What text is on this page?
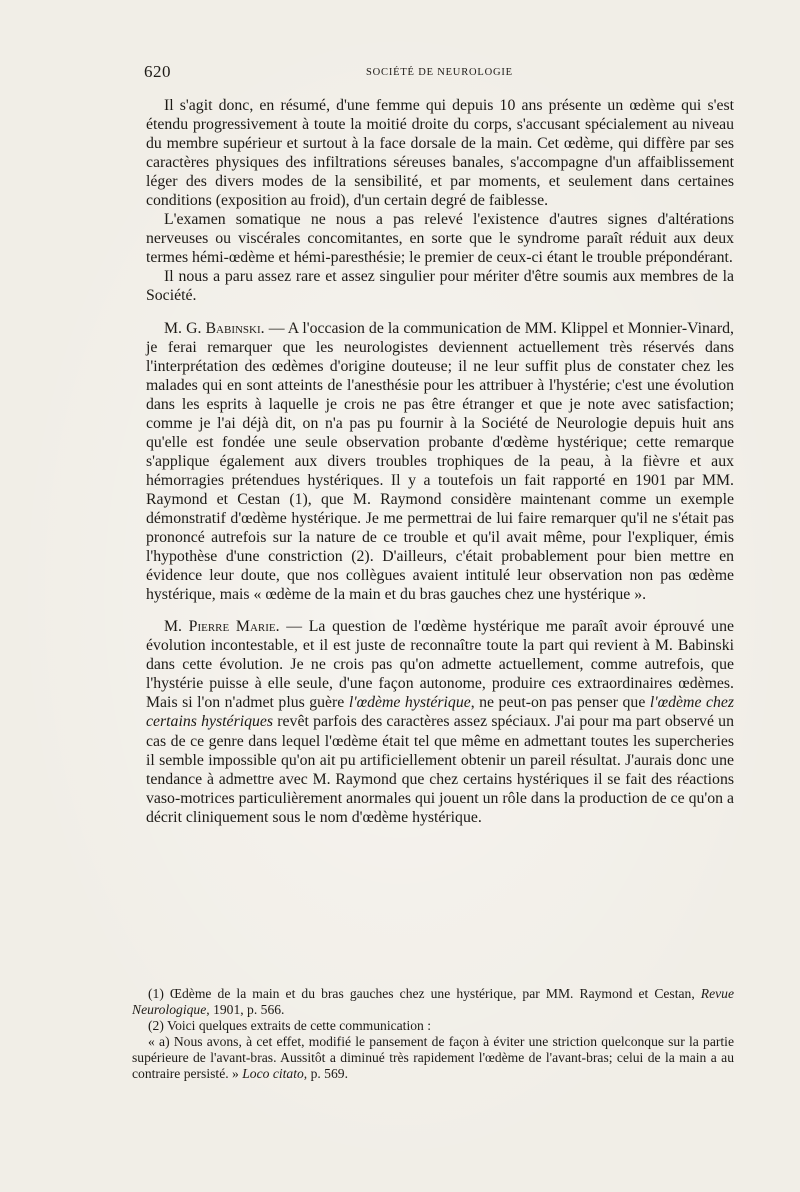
620	SOCIÉTÉ DE NEUROLOGIE

Il s'agit donc, en résumé, d'une femme qui depuis 10 ans présente un œdème qui s'est étendu progressivement à toute la moitié droite du corps, s'accusant spécialement au niveau du membre supérieur et surtout à la face dorsale de la main. Cet œdème, qui diffère par ses caractères physiques des infiltrations séreuses banales, s'accompagne d'un affaiblissement léger des divers modes de la sensibilité, et par moments, et seulement dans certaines conditions (exposition au froid), d'un certain degré de faiblesse.

L'examen somatique ne nous a pas relevé l'existence d'autres signes d'altérations nerveuses ou viscérales concomitantes, en sorte que le syndrome paraît réduit aux deux termes hémi-œdème et hémi-paresthésie; le premier de ceux-ci étant le trouble prépondérant.

Il nous a paru assez rare et assez singulier pour mériter d'être soumis aux membres de la Société.

M. G. Babinski. — A l'occasion de la communication de MM. Klippel et Monnier-Vinard, je ferai remarquer que les neurologistes deviennent actuellement très réservés dans l'interprétation des œdèmes d'origine douteuse; il ne leur suffit plus de constater chez les malades qui en sont atteints de l'anesthésie pour les attribuer à l'hystérie; c'est une évolution dans les esprits à laquelle je crois ne pas être étranger et que je note avec satisfaction; comme je l'ai déjà dit, on n'a pas pu fournir à la Société de Neurologie depuis huit ans qu'elle est fondée une seule observation probante d'œdème hystérique; cette remarque s'applique également aux divers troubles trophiques de la peau, à la fièvre et aux hémorragies prétendues hystériques. Il y a toutefois un fait rapporté en 1901 par MM. Raymond et Cestan (1), que M. Raymond considère maintenant comme un exemple démonstratif d'œdème hystérique. Je me permettrai de lui faire remarquer qu'il ne s'était pas prononcé autrefois sur la nature de ce trouble et qu'il avait même, pour l'expliquer, émis l'hypothèse d'une constriction (2). D'ailleurs, c'était probablement pour bien mettre en évidence leur doute, que nos collègues avaient intitulé leur observation non pas œdème hystérique, mais « œdème de la main et du bras gauches chez une hystérique ».

M. Pierre Marie. — La question de l'œdème hystérique me paraît avoir éprouvé une évolution incontestable, et il est juste de reconnaître toute la part qui revient à M. Babinski dans cette évolution. Je ne crois pas qu'on admette actuellement, comme autrefois, que l'hystérie puisse à elle seule, d'une façon autonome, produire ces extraordinaires œdèmes. Mais si l'on n'admet plus guère l'œdème hystérique, ne peut-on pas penser que l'œdème chez certains hystériques revêt parfois des caractères assez spéciaux. J'ai pour ma part observé un cas de ce genre dans lequel l'œdème était tel que même en admettant toutes les supercheries il semble impossible qu'on ait pu artificiellement obtenir un pareil résultat. J'aurais donc une tendance à admettre avec M. Raymond que chez certains hystériques il se fait des réactions vaso-motrices particulièrement anormales qui jouent un rôle dans la production de ce qu'on a décrit cliniquement sous le nom d'œdème hystérique.

(1) Œdème de la main et du bras gauches chez une hystérique, par MM. Raymond et Cestan, Revue Neurologique, 1901, p. 566.

(2) Voici quelques extraits de cette communication :

« a) Nous avons, à cet effet, modifié le pansement de façon à éviter une striction quelconque sur la partie supérieure de l'avant-bras. Aussitôt a diminué très rapidement l'œdème de l'avant-bras; celui de la main a au contraire persisté. » Loco citato, p. 569.
